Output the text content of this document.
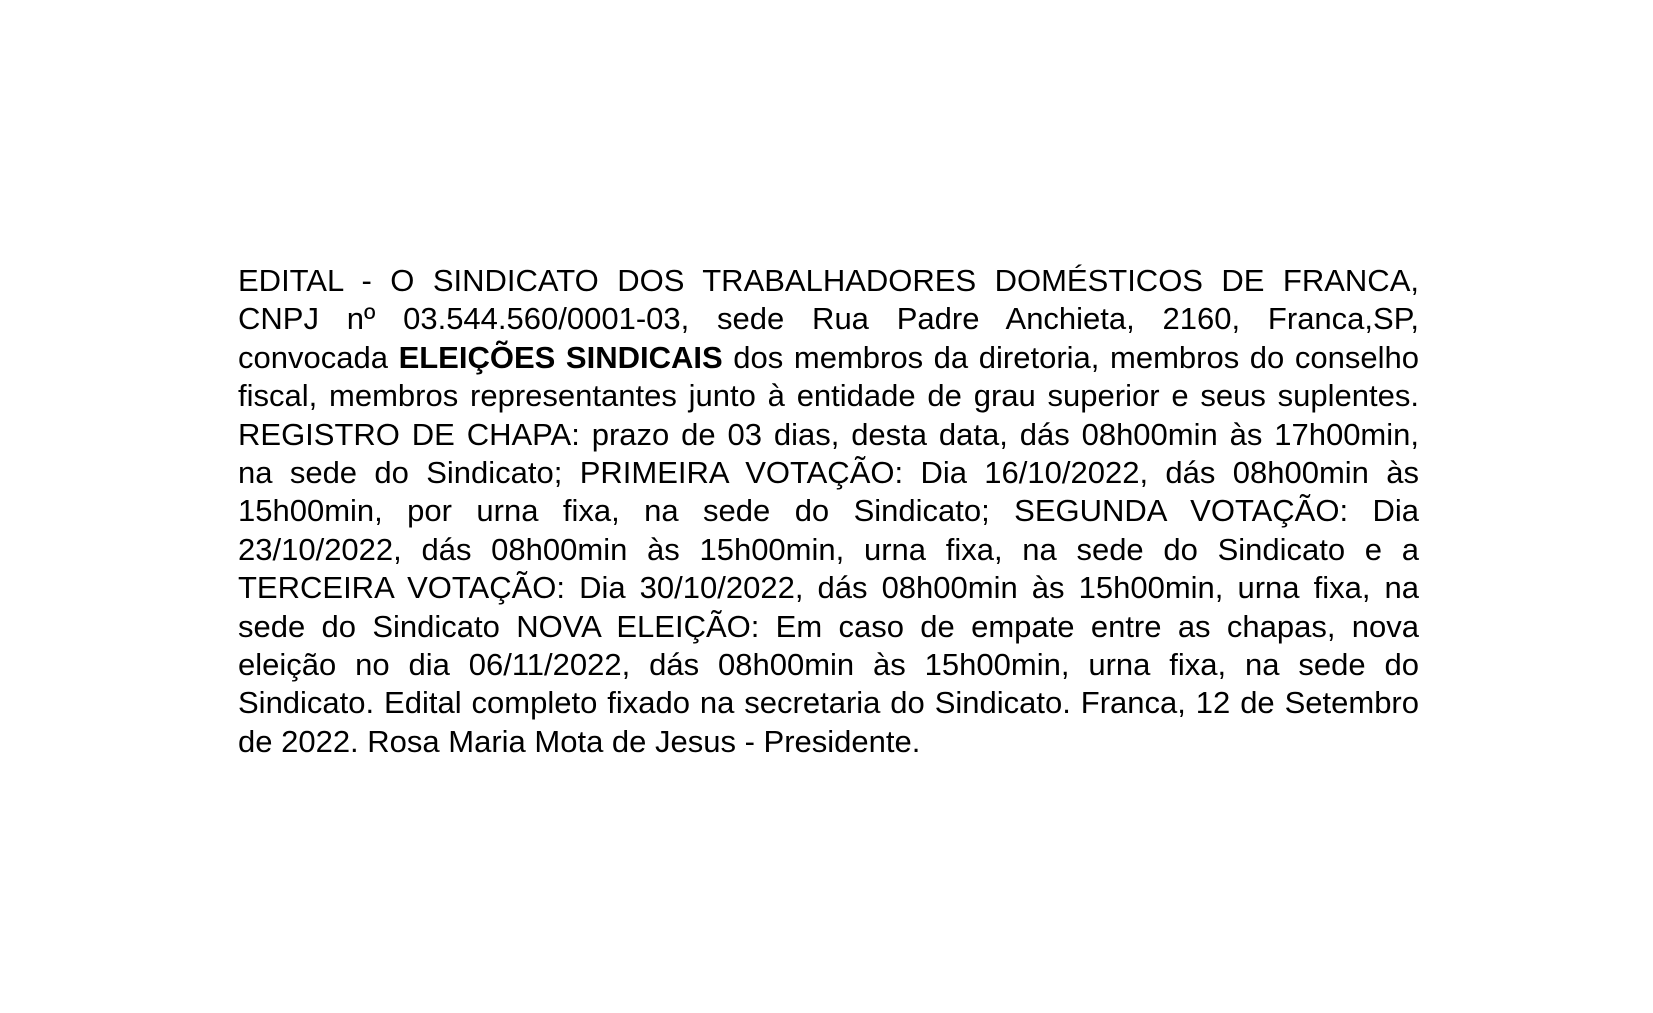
EDITAL - O SINDICATO DOS TRABALHADORES DOMÉSTICOS DE FRANCA, CNPJ nº 03.544.560/0001-03, sede Rua Padre Anchieta, 2160, Franca,SP, convocada ELEIÇÕES SINDICAIS dos membros da diretoria, membros do conselho fiscal, membros representantes junto à entidade de grau superior e seus suplentes. REGISTRO DE CHAPA: prazo de 03 dias, desta data, dás 08h00min às 17h00min, na sede do Sindicato; PRIMEIRA VOTAÇÃO: Dia 16/10/2022, dás 08h00min às 15h00min, por urna fixa, na sede do Sindicato; SEGUNDA VOTAÇÃO: Dia 23/10/2022, dás 08h00min às 15h00min, urna fixa, na sede do Sindicato e a TERCEIRA VOTAÇÃO: Dia 30/10/2022, dás 08h00min às 15h00min, urna fixa, na sede do Sindicato NOVA ELEIÇÃO: Em caso de empate entre as chapas, nova eleição no dia 06/11/2022, dás 08h00min às 15h00min, urna fixa, na sede do Sindicato. Edital completo fixado na secretaria do Sindicato. Franca, 12 de Setembro de 2022. Rosa Maria Mota de Jesus - Presidente.
